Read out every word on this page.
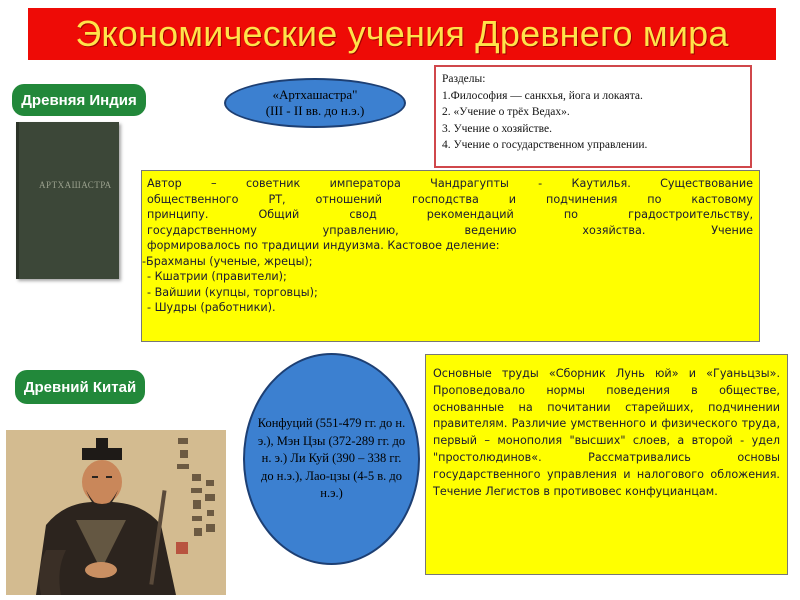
Экономические учения Древнего мира
Древняя Индия
АРТХАШАСТРА
«Артхашастра"
(III - II вв. до н.э.)
Разделы:
1.Философия — санкхья, йога и локаята.
2. «Учение о трёх Ведах».
3. Учение о хозяйстве.
4. Учение о государственном управлении.
Автор – советник императора Чандрагупты - Каутилья. Существование
общественного РТ, отношений господства и подчинения по кастовому
принципу. Общий свод рекомендаций по градостроительству,
государственному управлению, ведению хозяйства. Учение
формировалось по традиции индуизма. Кастовое деление:
-Брахманы (ученые, жрецы);
- Кшатрии (правители);
- Вайшии (купцы, торговцы);
- Шудры (работники).
Древний Китай
Конфуций (551-479 гг. до н. э.), Мэн Цзы (372-289 гг. до н. э.) Ли Куй (390 – 338 гг. до н.э.), Лао-цзы (4-5 в. до н.э.)
Основные труды «Сборник Лунь юй» и «Гуаньцзы». Проповедовало нормы поведения в обществе, основанные на почитании старейших, подчинении правителям. Различие умственного и физического труда, первый – монополия "высших" слоев, а второй - удел "простолюдинов«. Рассматривались основы государственного управления и налогового обложения. Течение Легистов в противовес конфуцианцам.
